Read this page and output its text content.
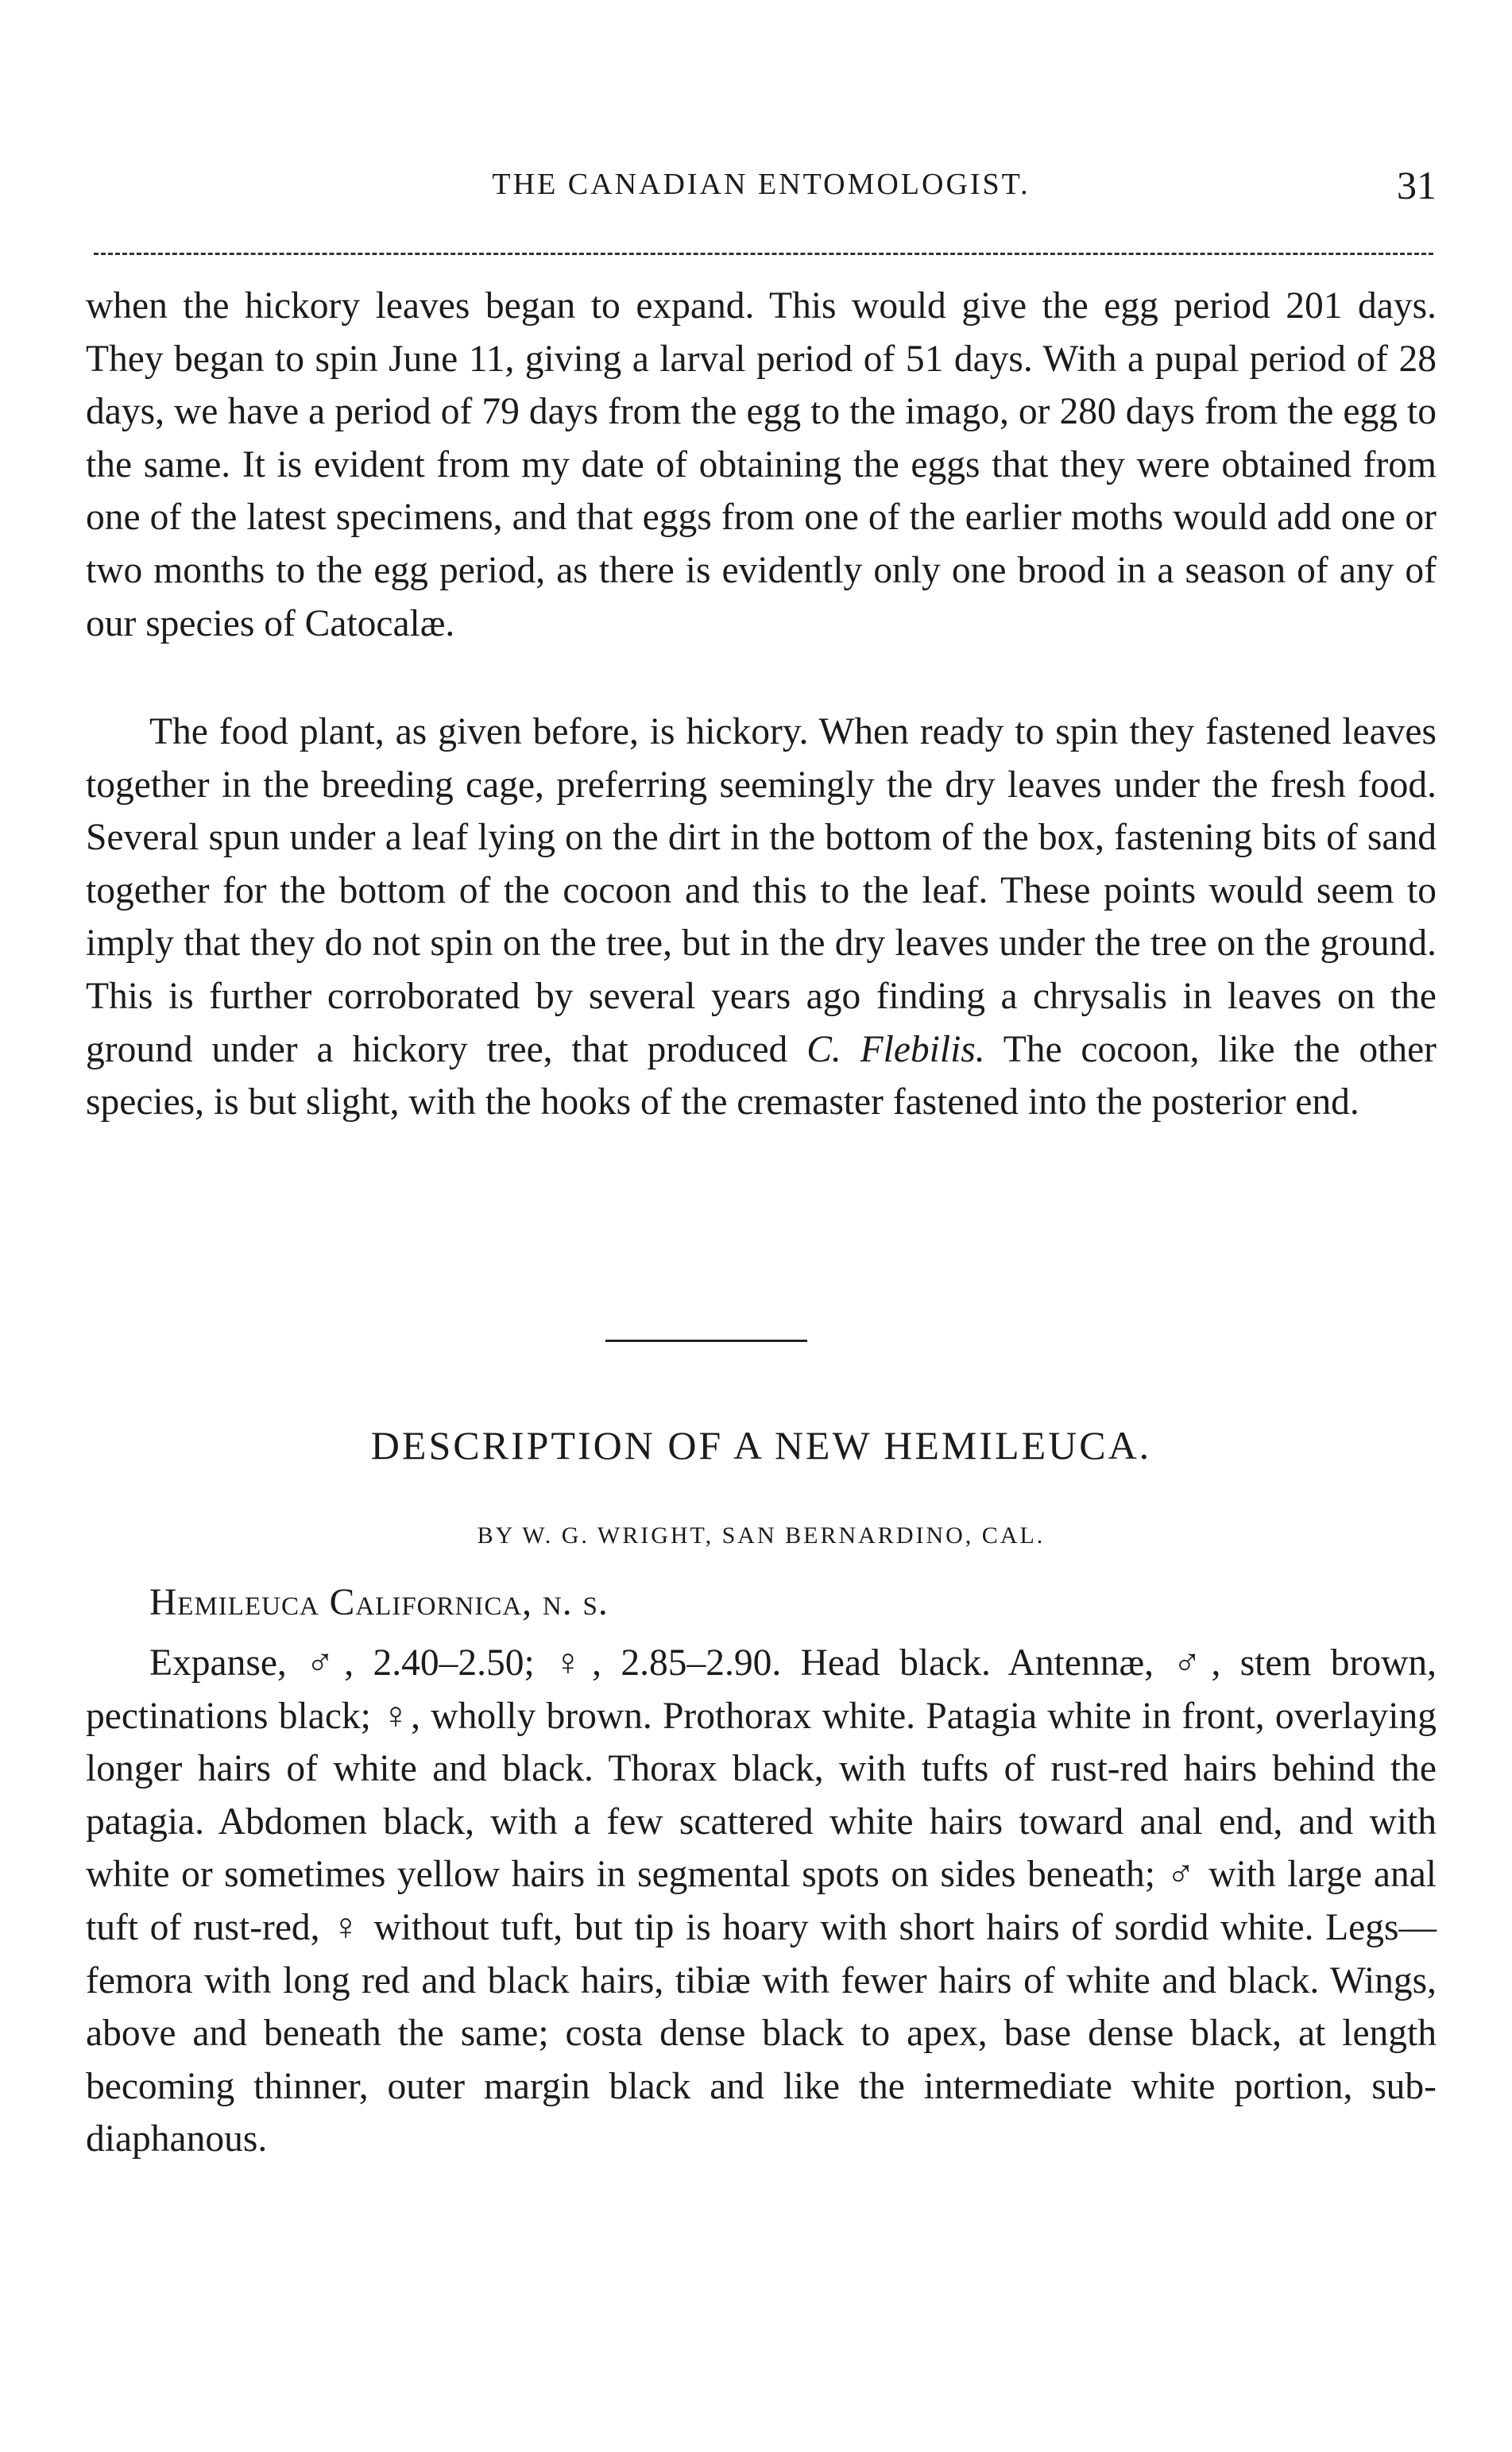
THE CANADIAN ENTOMOLOGIST.	31

when the hickory leaves began to expand. This would give the egg period 201 days. They began to spin June 11, giving a larval period of 51 days. With a pupal period of 28 days, we have a period of 79 days from the egg to the imago, or 280 days from the egg to the same. It is evident from my date of obtaining the eggs that they were obtained from one of the latest specimens, and that eggs from one of the earlier moths would add one or two months to the egg period, as there is evidently only one brood in a season of any of our species of Catocalæ.

The food plant, as given before, is hickory. When ready to spin they fastened leaves together in the breeding cage, preferring seemingly the dry leaves under the fresh food. Several spun under a leaf lying on the dirt in the bottom of the box, fastening bits of sand together for the bottom of the cocoon and this to the leaf. These points would seem to imply that they do not spin on the tree, but in the dry leaves under the tree on the ground. This is further corroborated by several years ago finding a chrysalis in leaves on the ground under a hickory tree, that produced C. Flebilis. The cocoon, like the other species, is but slight, with the hooks of the cremaster fastened into the posterior end.

DESCRIPTION OF A NEW HEMILEUCA.
BY W. G. WRIGHT, SAN BERNARDINO, CAL.
Hemileuca Californica, n. s.

Expanse, ♂, 2.40–2.50; ♀, 2.85–2.90. Head black. Antennæ, ♂, stem brown, pectinations black; ♀, wholly brown. Prothorax white. Patagia white in front, overlaying longer hairs of white and black. Thorax black, with tufts of rust-red hairs behind the patagia. Abdomen black, with a few scattered white hairs toward anal end, and with white or sometimes yellow hairs in segmental spots on sides beneath; ♂ with large anal tuft of rust-red, ♀ without tuft, but tip is hoary with short hairs of sordid white. Legs—femora with long red and black hairs, tibiæ with fewer hairs of white and black. Wings, above and beneath the same; costa dense black to apex, base dense black, at length becoming thinner, outer margin black and like the intermediate white portion, sub-diaphanous.
